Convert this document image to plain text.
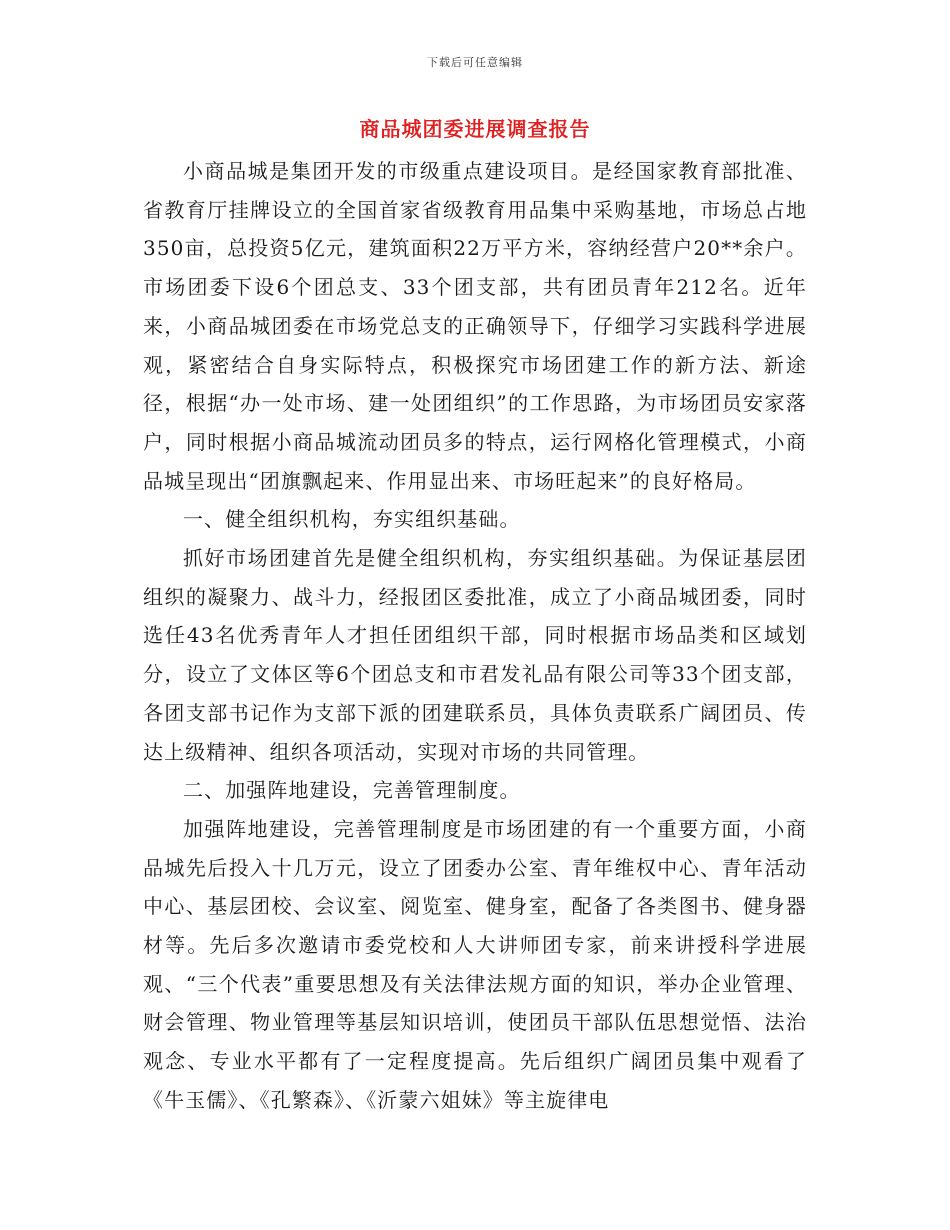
下载后可任意编辑
商品城团委进展调查报告

小商品城是集团开发的市级重点建设项目。是经国家教育部批准、省教育厅挂牌设立的全国首家省级教育用品集中采购基地，市场总占地350亩，总投资5亿元，建筑面积22万平方米，容纳经营户20**余户。市场团委下设6个团总支、33个团支部，共有团员青年212名。近年来，小商品城团委在市场党总支的正确领导下，仔细学习实践科学进展观，紧密结合自身实际特点，积极探究市场团建工作的新方法、新途径，根据“办一处市场、建一处团组织”的工作思路，为市场团员安家落户，同时根据小商品城流动团员多的特点，运行网格化管理模式，小商品城呈现出“团旗飘起来、作用显出来、市场旺起来”的良好格局。

一、健全组织机构，夯实组织基础。

抓好市场团建首先是健全组织机构，夯实组织基础。为保证基层团组织的凝聚力、战斗力，经报团区委批准，成立了小商品城团委，同时选任43名优秀青年人才担任团组织干部，同时根据市场品类和区域划分，设立了文体区等6个团总支和市君发礼品有限公司等33个团支部，各团支部书记作为支部下派的团建联系员，具体负责联系广阔团员、传达上级精神、组织各项活动，实现对市场的共同管理。

二、加强阵地建设，完善管理制度。

加强阵地建设，完善管理制度是市场团建的有一个重要方面，小商品城先后投入十几万元，设立了团委办公室、青年维权中心、青年活动中心、基层团校、会议室、阅览室、健身室，配备了各类图书、健身器材等。先后多次邀请市委党校和人大讲师团专家，前来讲授科学进展观、“三个代表”重要思想及有关法律法规方面的知识，举办企业管理、财会管理、物业管理等基层知识培训，使团员干部队伍思想觉悟、法治观念、专业水平都有了一定程度提高。先后组织广阔团员集中观看了《牛玉儒》、《孔繁森》、《沂蒙六姐妹》等主旋律电
